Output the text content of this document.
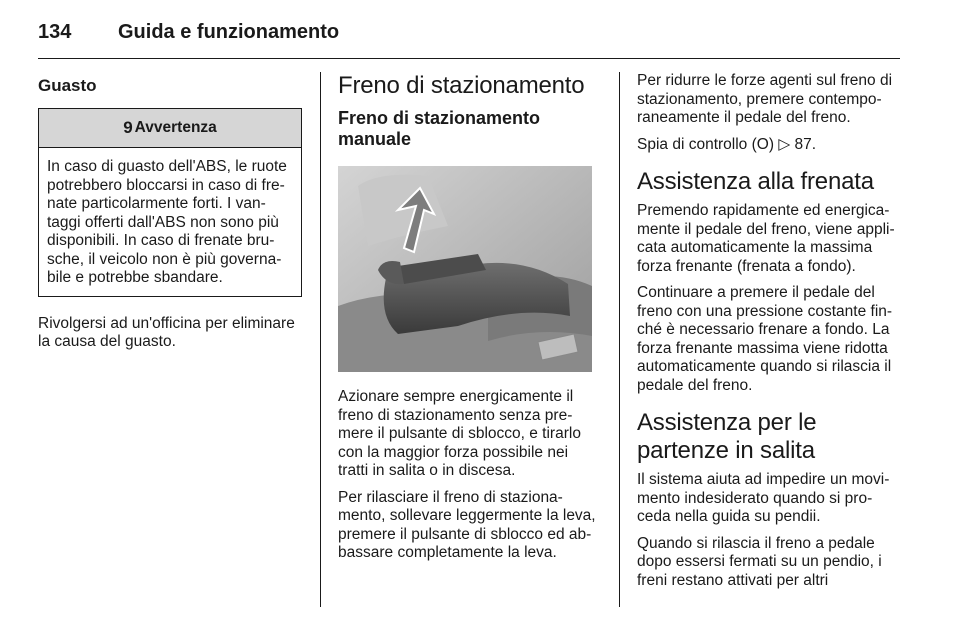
134	Guida e funzionamento
Guasto
9 Avvertenza

In caso di guasto dell'ABS, le ruote potrebbero bloccarsi in caso di fre-nate particolarmente forti. I van-taggi offerti dall'ABS non sono più disponibili. In caso di frenate bru-sche, il veicolo non è più governa-bile e potrebbe sbandare.

Rivolgersi ad un'officina per eliminare la causa del guasto.

Freno di stazionamento
Freno di stazionamento manuale

Azionare sempre energicamente il freno di stazionamento senza pre-mere il pulsante di sblocco, e tirarlo con la maggior forza possibile nei tratti in salita o in discesa.

Per rilasciare il freno di staziona-mento, sollevare leggermente la leva, premere il pulsante di sblocco ed ab-bassare completamente la leva.

Per ridurre le forze agenti sul freno di stazionamento, premere contempo-raneamente il pedale del freno.

Spia di controllo (O) ▷ 87.

Assistenza alla frenata

Premendo rapidamente ed energica-mente il pedale del freno, viene appli-cata automaticamente la massima forza frenante (frenata a fondo).

Continuare a premere il pedale del freno con una pressione costante fin-ché è necessario frenare a fondo. La forza frenante massima viene ridotta automaticamente quando si rilascia il pedale del freno.

Assistenza per le partenze in salita

Il sistema aiuta ad impedire un movi-mento indesiderato quando si pro-ceda nella guida su pendii.

Quando si rilascia il freno a pedale dopo essersi fermati su un pendio, i freni restano attivati per altri
